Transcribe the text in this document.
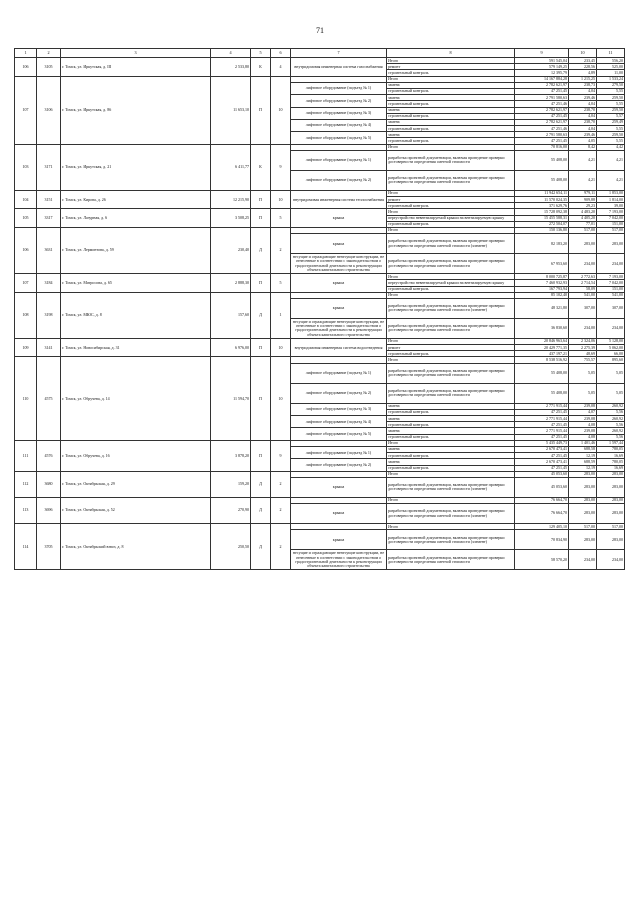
71
1	2	3	4	5	6	7	8	9	10	11
106	3105	г. Томск, ул. Иркутская, д. III	2 533,80	К	4	внутридомовая инженерная система газоснабжения	Итого	591 545,04	233,45	556,20
							ремонт	579 149,25	228,56	525,00
							строительный контроль	12 395,79	4,89	11,00
107	3106	г. Томск, ул. Иркутская, д. 86	11 653,10	П	10		Итого	14 167 884,28	1 215,25	1 533,24
						лифтовое оборудование (подъезд № 1)	замена	2 782 621,97	238,73	279,50
							строительный контроль	47 251,45	4,04	5,55
						лифтовое оборудование (подъезд № 2)	замена	2 791 580,63	239,46	259,50
							строительный контроль	47 251,46	4,04	5,55
						лифтовое оборудование (подъезд № 3)	замена	2 782 621,97	238,70	259,50
							строительный контроль	47 251,45	4,04	5,57
						лифтовое оборудование (подъезд № 4)	замена	2 782 621,97	238,70	259,49
							строительный контроль	47 251,46	4,04	5,55
						лифтовое оборудование (подъезд № 5)	замена	2 791 580,63	239,46	259,50
							строительный контроль	47 251,45	4,05	5,55
103	3171	г. Томск, ул. Иркутская, д. 21	6 411,77	К	9		Итого	70 816,00	8,42	4,42
						лифтовое оборудование (подъезд № 1)	разработка проектной документации, включая проведение проверки достоверности определения сметной стоимости	55 408,00	4,21	4,21
						лифтовое оборудование (подъезд № 2)	разработка проектной документации, включая проведение проверки достоверности определения сметной стоимости	55 408,00	4,21	4,21
104	3151	г. Томск, ул. Кирова, д. 26	12 215,90	П	10	внутридомовая инженерная система теплоснабжения	Итого	11 942 654,11	979,11	1 853,00
							ремонт	11 570 024,35	909,88	1 814,00
							строительный контроль	371 629,76	29,23	39,00
105	3317	г. Томск, ул. Лазурная, д. 6	3 508,25	П	5	крыша	Итого	15 728 092,38	4 483,20	7 193,00
							переустройство невентилируемой крыши на вентилируемую крышу	15 455 588,31	4 405,20	7 042,00
							строительный контроль	272 504,07	77,01	151,00
106	3631	г. Томск, ул. Лермонтова, д. 59	230,40	Д	2		Итого	150 136,80	517,00	517,00
						крыша	разработка проектной документации, включая проведение проверки достоверности определения сметной стоимости (элемент)	82 183,20	283,00	283,00
						несущие и ограждающие ненесущие конструкции, не отнесенные в соответствии с законодательством о градостроительной деятельности к реконструкции объекта капитального строительства	разработка проектной документации, включая проведение проверки достоверности определения сметной стоимости	67 953,60	234,00	234,00
107	3184	г. Томск, ул. Матросова, д. 65	2 888,30	П	5	крыша	Итого	8 000 725,87	2 772,63	7 193,00
							переустройство невентилируемой крыши на вентилируемую крышу	7 460 932,93	2 714,54	7 042,00
							строительный контроль	167 793,94	58,09	151,00
108	3198	г. Томск, ул. МЮС, д. 8	157,60	Д	1		Итого	85 102,40	541,00	541,00
						крыша	разработка проектной документации, включая проведение проверки достоверности определения сметной стоимости (элемент)	48 321,80	307,00	307,00
						несущие и ограждающие ненесущие конструкции, не отнесенные в соответствии с законодательством о градостроительной деятельности к реконструкции объекта капитального строительства	разработка проектной документации, включая проведение проверки достоверности определения сметной стоимости	36 830,60	234,00	234,00
109	3141	г. Томск, ул. Новосибирская, д. 31	6 976,00	П	10	внутридомовая инженерная система водоотведения	Итого	20 846 963,64	2 324,06	5 128,00
							ремонт	20 429 771,35	2 275,39	5 062,00
							строительный контроль	437 197,21	48,69	66,00
110	4575	г. Томск, ул. Обручева, д. 14	11 594,70	П	10		Итого	8 538 516,92	755,57	895,60
						лифтовое оборудование (подъезд № 1)	разработка проектной документации, включая проведение проверки достоверности определения сметной стоимости	55 408,00	5,05	5,05
						лифтовое оборудование (подъезд № 2)	разработка проектной документации, включая проведение проверки достоверности определения сметной стоимости	55 408,00	5,05	5,05
						лифтовое оборудование (подъезд № 3)	замена	2 771 915,44	239,08	260,92
							строительный контроль	47 251,45	4,07	5,56
						лифтовое оборудование (подъезд № 4)	замена	2 771 915,44	239,08	260,92
							строительный контроль	47 251,45	4,08	5,56
						лифтовое оборудование (подъезд № 5)	замена	2 771 915,44	239,08	260,92
							строительный контроль	47 251,45	4,08	5,56
111	4576	г. Томск, ул. Обручева, д. 16	3 878,20	П	9		Итого	5 435 449,73	1 401,46	1 597,44
						лифтовое оборудование (подъезд № 1)	замена	2 670 473,41	688,58	780,05
							строительный контроль	47 251,45	12,19	16,69
						лифтовое оборудование (подъезд № 2)	замена	2 670 473,41	688,59	780,05
							строительный контроль	47 251,45	12,19	16,69
112	3680	г. Томск, ул. Октябрьская, д. 29	159,20	Д	2		Итого	45 053,60	283,00	283,00
						крыша	разработка проектной документации, включая проведение проверки достоверности определения сметной стоимости (элемент)	45 053,60	283,00	283,00
113	3696	г. Томск, ул. Октябрьская, д. 52	270,90	Д	2		Итого	76 664,70	283,00	283,00
						крыша	разработка проектной документации, включая проведение проверки достоверности определения сметной стоимости (элемент)	76 664,70	283,00	283,00
114	3705	г. Томск, ул. Октябрьский взвоз, д. 8	250,50	Д	2		Итого	129 405,10	517,00	517,00
						крыша	разработка проектной документации, включая проведение проверки достоверности определения сметной стоимости (элемент)	70 834,90	283,00	283,00
						несущие и ограждающие ненесущие конструкции, не отнесенные в соответствии с законодательством о градостроительной деятельности к реконструкции объекта капитального строительства	разработка проектной документации, включая проведение проверки достоверности определения сметной стоимости	58 570,20	234,00	234,00
